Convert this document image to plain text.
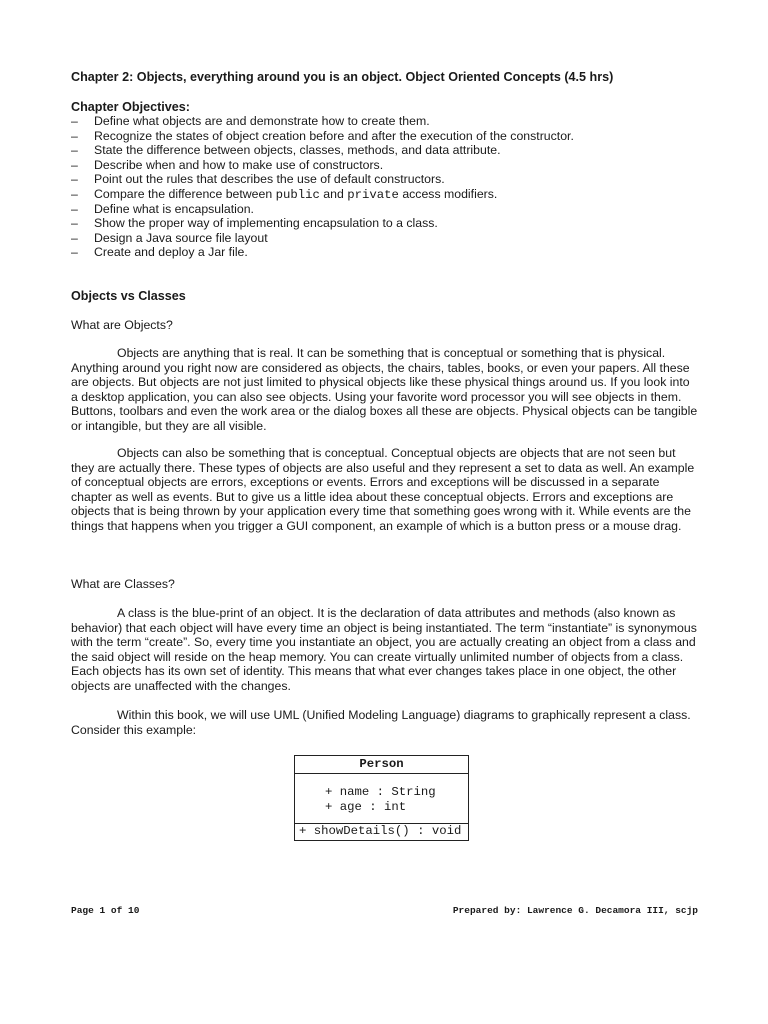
Chapter 2: Objects, everything around you is an object. Object Oriented Concepts (4.5 hrs)
Chapter Objectives:
– Define what objects are and demonstrate how to create them.
– Recognize the states of object creation before and after the execution of the constructor.
– State the difference between objects, classes, methods, and data attribute.
– Describe when and how to make use of constructors.
– Point out the rules that describes the use of default constructors.
– Compare the difference between public and private access modifiers.
– Define what is encapsulation.
– Show the proper way of implementing encapsulation to a class.
– Design a Java source file layout
– Create and deploy a Jar file.
Objects vs Classes
What are Objects?

Objects are anything that is real. It can be something that is conceptual or something that is physical. Anything around you right now are considered as objects, the chairs, tables, books, or even your papers. All these are objects. But objects are not just limited to physical objects like these physical things around us. If you look into a desktop application, you can also see objects. Using your favorite word processor you will see objects in them. Buttons, toolbars and even the work area or the dialog boxes all these are objects. Physical objects can be tangible or intangible, but they are all visible.

Objects can also be something that is conceptual. Conceptual objects are objects that are not seen but they are actually there. These types of objects are also useful and they represent a set to data as well. An example of conceptual objects are errors, exceptions or events. Errors and exceptions will be discussed in a separate chapter as well as events. But to give us a little idea about these conceptual objects. Errors and exceptions are objects that is being thrown by your application every time that something goes wrong with it. While events are the things that happens when you trigger a GUI component, an example of which is a button press or a mouse drag.

What are Classes?

A class is the blue-print of an object. It is the declaration of data attributes and methods (also known as behavior) that each object will have every time an object is being instantiated. The term “instantiate” is synonymous with the term “create”. So, every time you instantiate an object, you are actually creating an object from a class and the said object will reside on the heap memory. You can create virtually unlimited number of objects from a class. Each objects has its own set of identity. This means that what ever changes takes place in one object, the other objects are unaffected with the changes.

Within this book, we will use UML (Unified Modeling Language) diagrams to graphically represent a class. Consider this example:

Person
+ name : String
+ age : int
+ showDetails() : void
Page 1 of 10	Prepared by: Lawrence G. Decamora III, scjp
